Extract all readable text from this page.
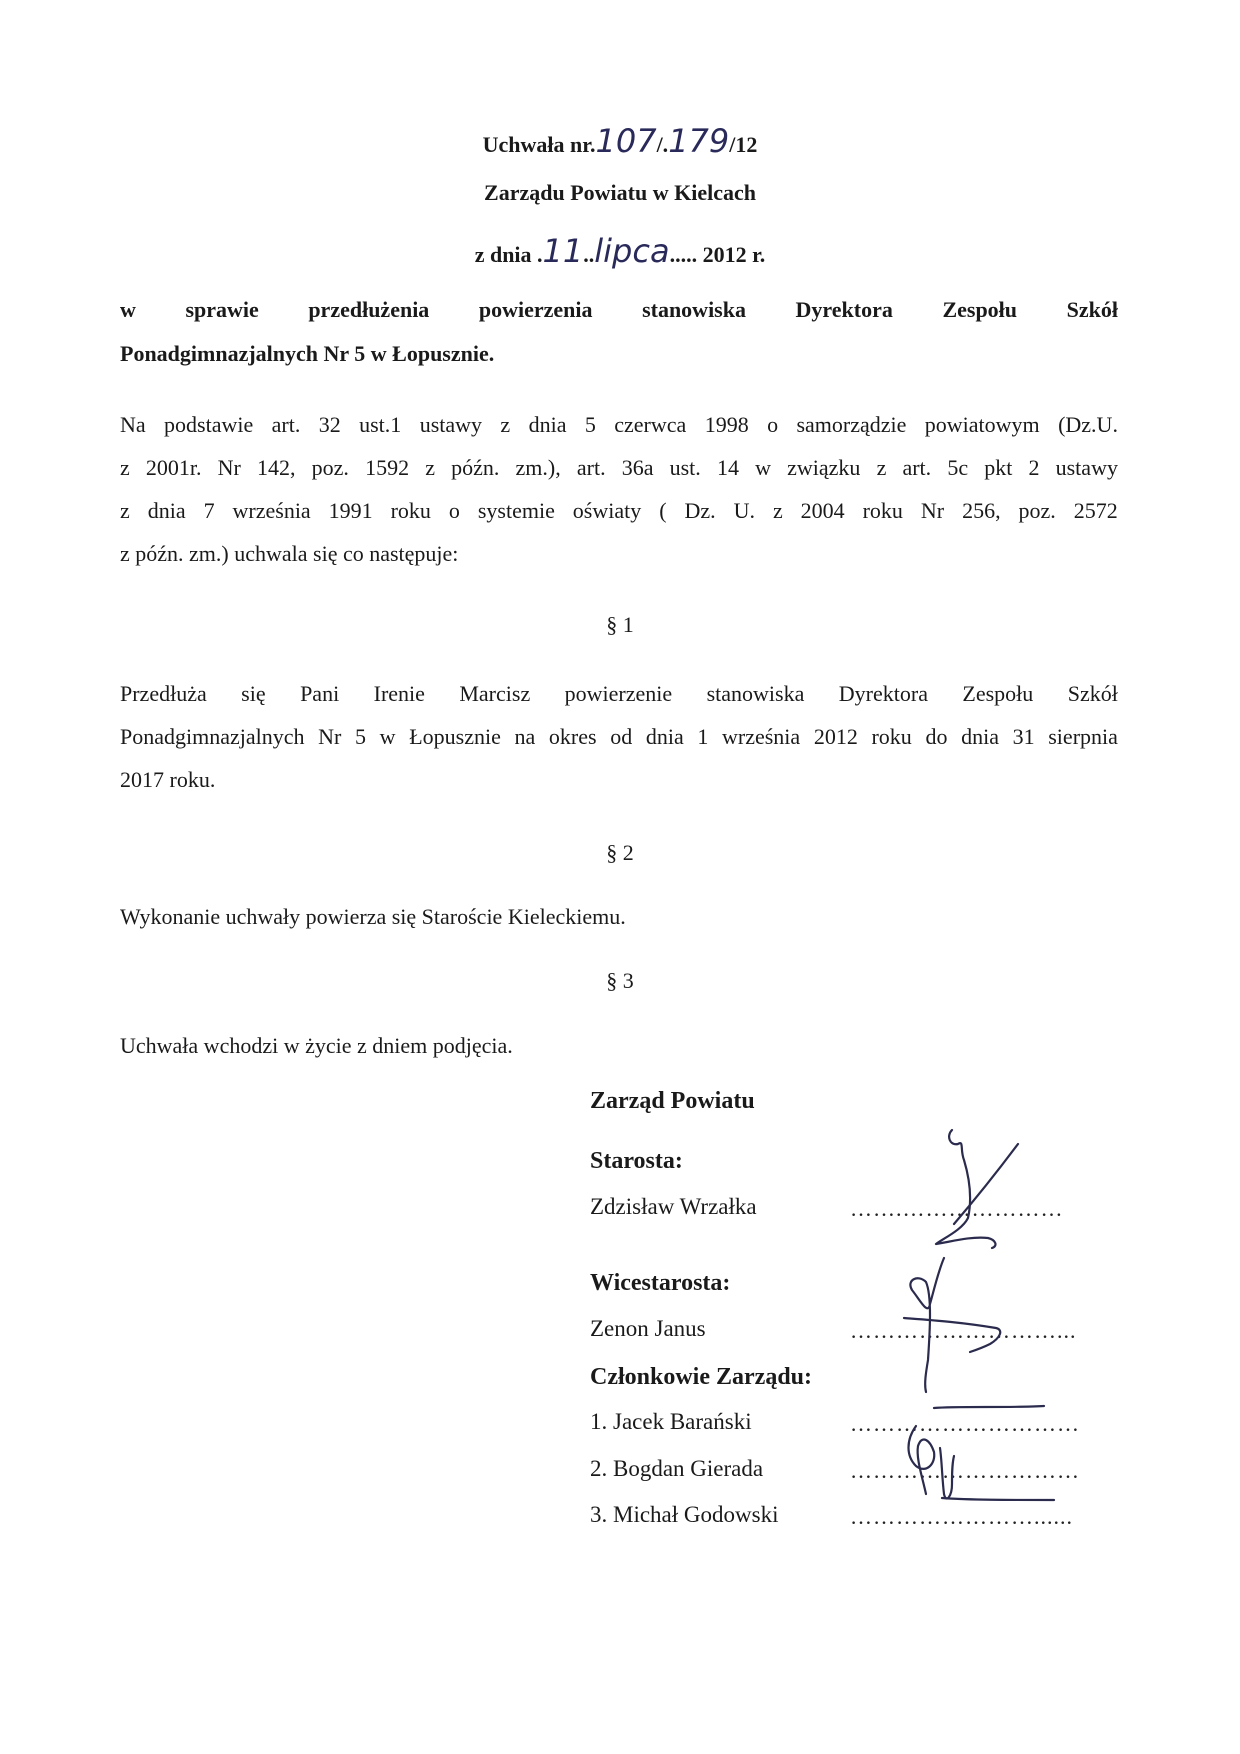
Uchwała nr.107/.179/12
Zarządu Powiatu w Kielcach
z dnia .11..lipca..... 2012 r.
w sprawie przedłużenia powierzenia stanowiska Dyrektora Zespołu Szkół
Ponadgimnazjalnych Nr 5 w Łopusznie.
Na podstawie art. 32 ust.1 ustawy z dnia 5 czerwca 1998 o samorządzie powiatowym (Dz.U.
z 2001r. Nr 142, poz. 1592 z późn. zm.), art. 36a ust. 14 w związku z art. 5c pkt 2 ustawy
z dnia 7 września 1991 roku o systemie oświaty ( Dz. U. z 2004 roku Nr 256, poz. 2572
z późn. zm.) uchwala się co następuje:
§ 1
Przedłuża się Pani Irenie Marcisz powierzenie stanowiska Dyrektora Zespołu Szkół
Ponadgimnazjalnych Nr 5 w Łopusznie na okres od dnia 1 września 2012 roku do dnia 31 sierpnia
2017 roku.
§ 2
Wykonanie uchwały powierza się Staroście Kieleckiemu.
§ 3
Uchwała wchodzi w życie z dniem podjęcia.
Zarząd Powiatu
Starosta:
Zdzisław Wrzałka	…….…………………
Wicestarosta:
Zenon Janus	………………………...
Członkowie Zarządu:
1. Jacek Barański	…………………………
2. Bogdan Gierada	…………………………
3. Michał Godowski	……………………......
